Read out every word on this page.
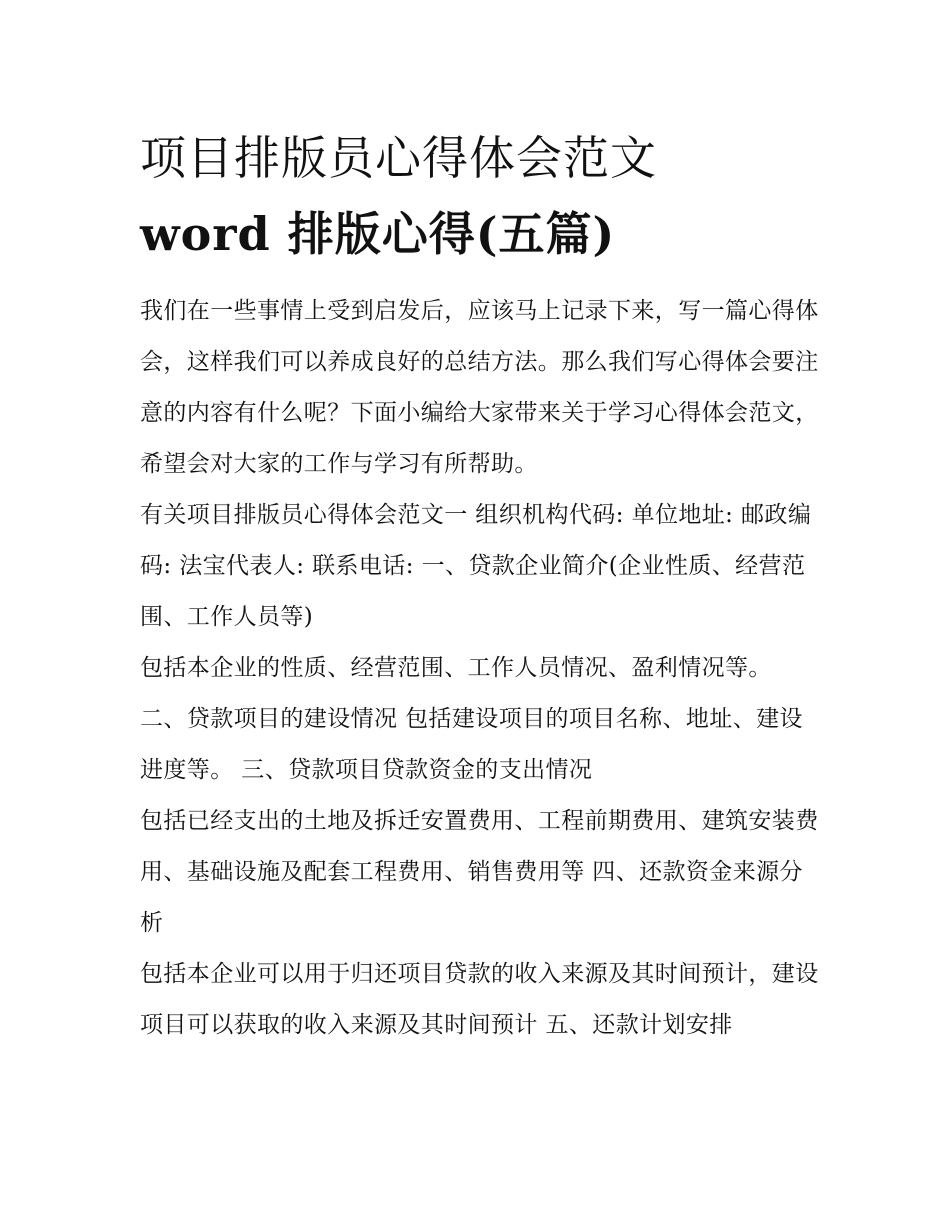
项目排版员心得体会范文
word 排版心得(五篇)

我们在一些事情上受到启发后，应该马上记录下来，写一篇心得体会，这样我们可以养成良好的总结方法。那么我们写心得体会要注意的内容有什么呢？下面小编给大家带来关于学习心得体会范文，希望会对大家的工作与学习有所帮助。

有关项目排版员心得体会范文一 组织机构代码: 单位地址: 邮政编码: 法宝代表人: 联系电话: 一、贷款企业简介(企业性质、经营范围、工作人员等)

包括本企业的性质、经营范围、工作人员情况、盈利情况等。 二、贷款项目的建设情况 包括建设项目的项目名称、地址、建设进度等。 三、贷款项目贷款资金的支出情况

包括已经支出的土地及拆迁安置费用、工程前期费用、建筑安装费用、基础设施及配套工程费用、销售费用等 四、还款资金来源分析

包括本企业可以用于归还项目贷款的收入来源及其时间预计，建设项目可以获取的收入来源及其时间预计 五、还款计划安排
